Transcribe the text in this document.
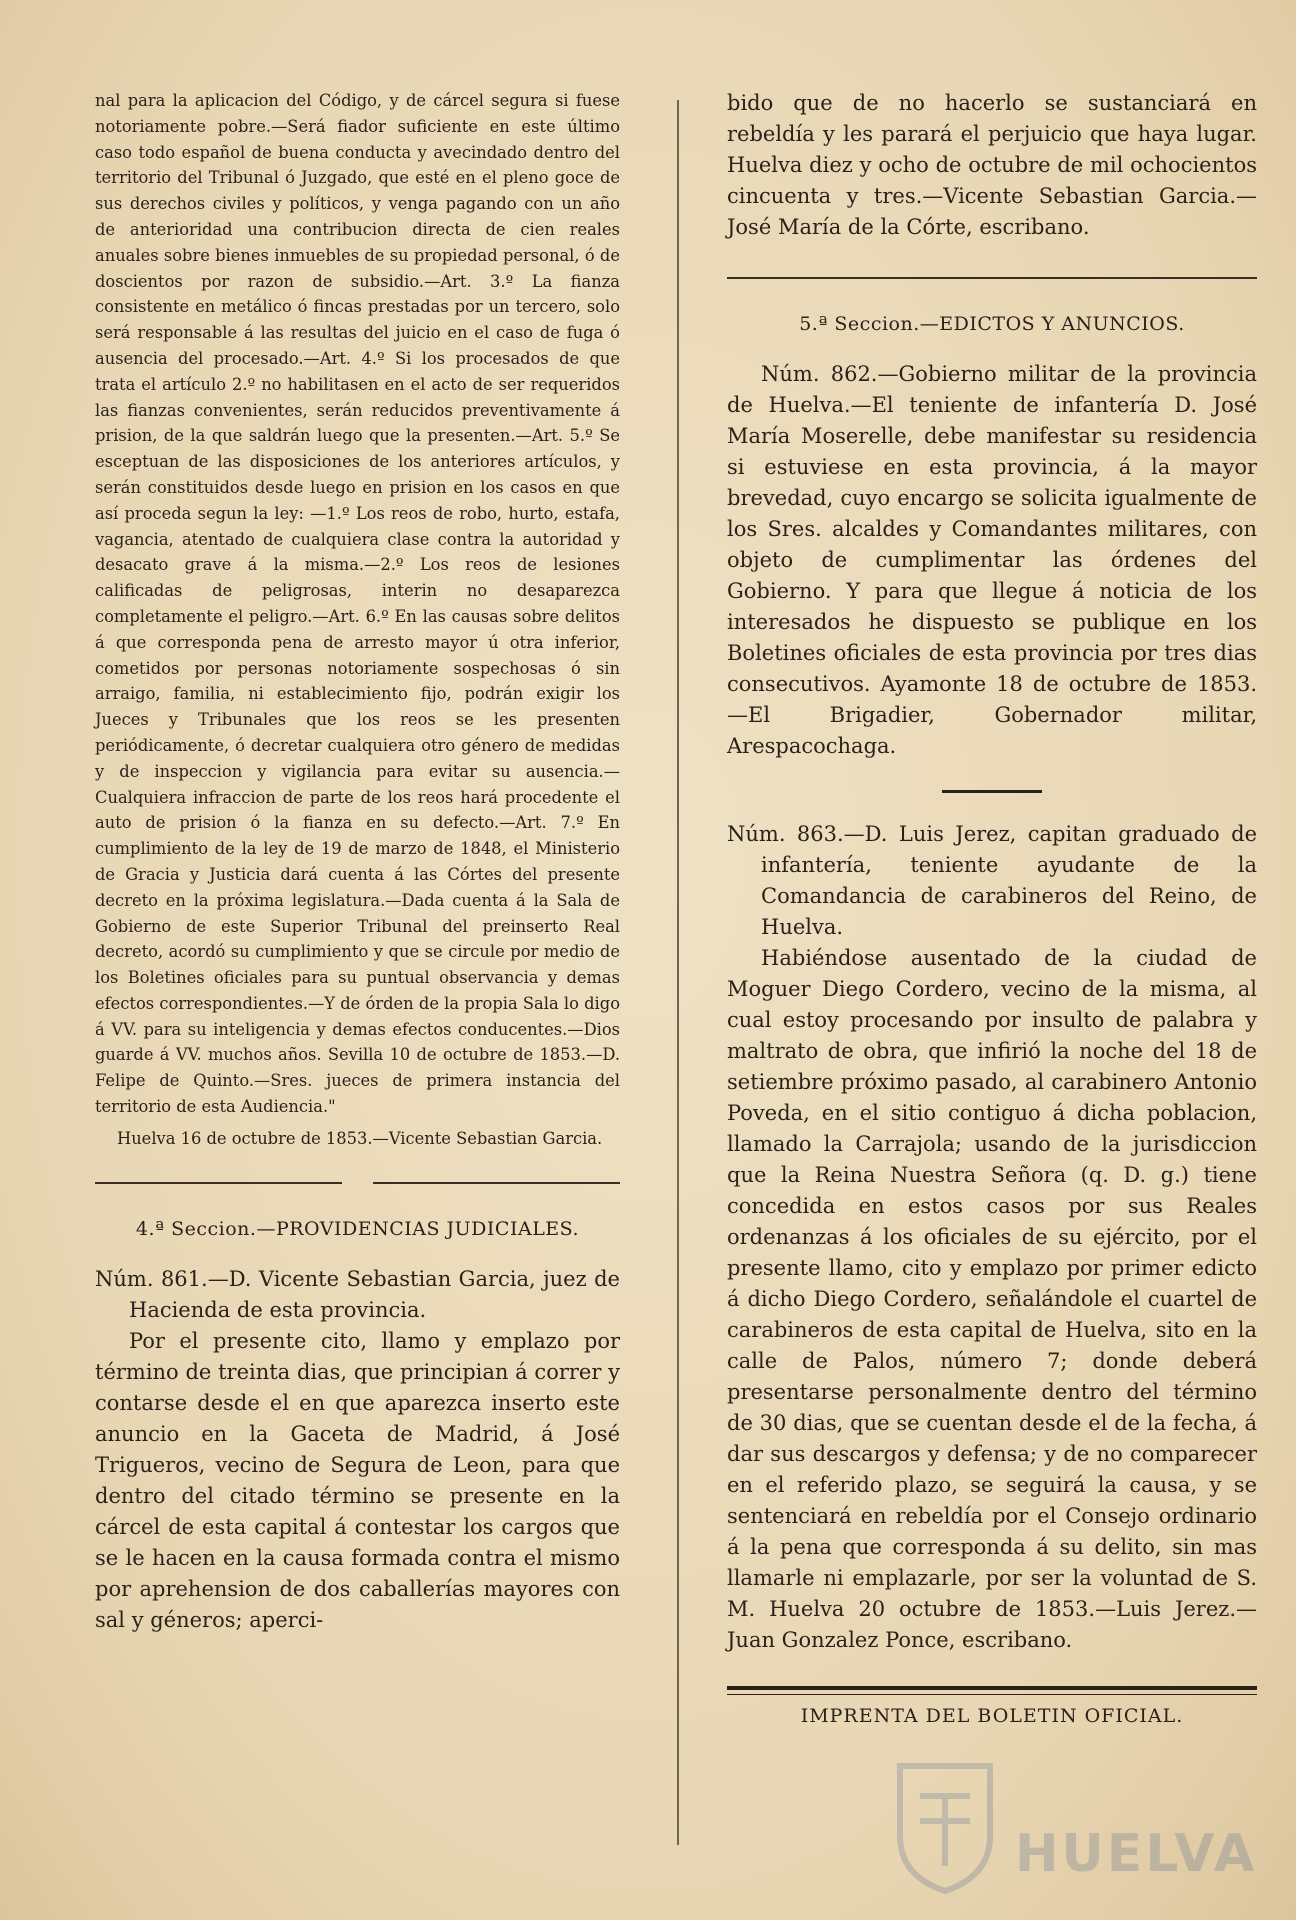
nal para la aplicacion del Código, y de cárcel segura si fuese notoriamente pobre.—Será fiador suficiente en este último caso todo español de buena conducta y avecindado dentro del territorio del Tribunal ó Juzgado, que esté en el pleno goce de sus derechos civiles y políticos, y venga pagando con un año de anterioridad una contribucion directa de cien reales anuales sobre bienes inmuebles de su propiedad personal, ó de doscientos por razon de subsidio.—Art. 3.º La fianza consistente en metálico ó fincas prestadas por un tercero, solo será responsable á las resultas del juicio en el caso de fuga ó ausencia del procesado.—Art. 4.º Si los procesados de que trata el artículo 2.º no habilitasen en el acto de ser requeridos las fianzas convenientes, serán reducidos preventivamente á prision, de la que saldrán luego que la presenten.—Art. 5.º Se esceptuan de las disposiciones de los anteriores artículos, y serán constituidos desde luego en prision en los casos en que así proceda segun la ley: —1.º Los reos de robo, hurto, estafa, vagancia, atentado de cualquiera clase contra la autoridad y desacato grave á la misma.—2.º Los reos de lesiones calificadas de peligrosas, interin no desaparezca completamente el peligro.—Art. 6.º En las causas sobre delitos á que corresponda pena de arresto mayor ú otra inferior, cometidos por personas notoriamente sospechosas ó sin arraigo, familia, ni establecimiento fijo, podrán exigir los Jueces y Tribunales que los reos se les presenten periódicamente, ó decretar cualquiera otro género de medidas y de inspeccion y vigilancia para evitar su ausencia.—Cualquiera infraccion de parte de los reos hará procedente el auto de prision ó la fianza en su defecto.—Art. 7.º En cumplimiento de la ley de 19 de marzo de 1848, el Ministerio de Gracia y Justicia dará cuenta á las Córtes del presente decreto en la próxima legislatura.—Dada cuenta á la Sala de Gobierno de este Superior Tribunal del preinserto Real decreto, acordó su cumplimiento y que se circule por medio de los Boletines oficiales para su puntual observancia y demas efectos correspondientes.—Y de órden de la propia Sala lo digo á VV. para su inteligencia y demas efectos conducentes.—Dios guarde á VV. muchos años. Sevilla 10 de octubre de 1853.—D. Felipe de Quinto.—Sres. jueces de primera instancia del territorio de esta Audiencia."

Huelva 16 de octubre de 1853.—Vicente Sebastian Garcia.

4.ª Seccion.—PROVIDENCIAS JUDICIALES.

Núm. 861.—D. Vicente Sebastian Garcia, juez de Hacienda de esta provincia.

Por el presente cito, llamo y emplazo por término de treinta dias, que principian á correr y contarse desde el en que aparezca inserto este anuncio en la Gaceta de Madrid, á José Trigueros, vecino de Segura de Leon, para que dentro del citado término se presente en la cárcel de esta capital á contestar los cargos que se le hacen en la causa formada contra el mismo por aprehension de dos caballerías mayores con sal y géneros; aperci-

bido que de no hacerlo se sustanciará en rebeldía y les parará el perjuicio que haya lugar. Huelva diez y ocho de octubre de mil ochocientos cincuenta y tres.—Vicente Sebastian Garcia.—José María de la Córte, escribano.

5.ª Seccion.—EDICTOS Y ANUNCIOS.

Núm. 862.—Gobierno militar de la provincia de Huelva.—El teniente de infantería D. José María Moserelle, debe manifestar su residencia si estuviese en esta provincia, á la mayor brevedad, cuyo encargo se solicita igualmente de los Sres. alcaldes y Comandantes militares, con objeto de cumplimentar las órdenes del Gobierno. Y para que llegue á noticia de los interesados he dispuesto se publique en los Boletines oficiales de esta provincia por tres dias consecutivos. Ayamonte 18 de octubre de 1853.—El Brigadier, Gobernador militar, Arespacochaga.

Núm. 863.—D. Luis Jerez, capitan graduado de infantería, teniente ayudante de la Comandancia de carabineros del Reino, de Huelva.

Habiéndose ausentado de la ciudad de Moguer Diego Cordero, vecino de la misma, al cual estoy procesando por insulto de palabra y maltrato de obra, que infirió la noche del 18 de setiembre próximo pasado, al carabinero Antonio Poveda, en el sitio contiguo á dicha poblacion, llamado la Carrajola; usando de la jurisdiccion que la Reina Nuestra Señora (q. D. g.) tiene concedida en estos casos por sus Reales ordenanzas á los oficiales de su ejército, por el presente llamo, cito y emplazo por primer edicto á dicho Diego Cordero, señalándole el cuartel de carabineros de esta capital de Huelva, sito en la calle de Palos, número 7; donde deberá presentarse personalmente dentro del término de 30 dias, que se cuentan desde el de la fecha, á dar sus descargos y defensa; y de no comparecer en el referido plazo, se seguirá la causa, y se sentenciará en rebeldía por el Consejo ordinario á la pena que corresponda á su delito, sin mas llamarle ni emplazarle, por ser la voluntad de S. M. Huelva 20 octubre de 1853.—Luis Jerez.—Juan Gonzalez Ponce, escribano.

IMPRENTA DEL BOLETIN OFICIAL.
HUELVA
